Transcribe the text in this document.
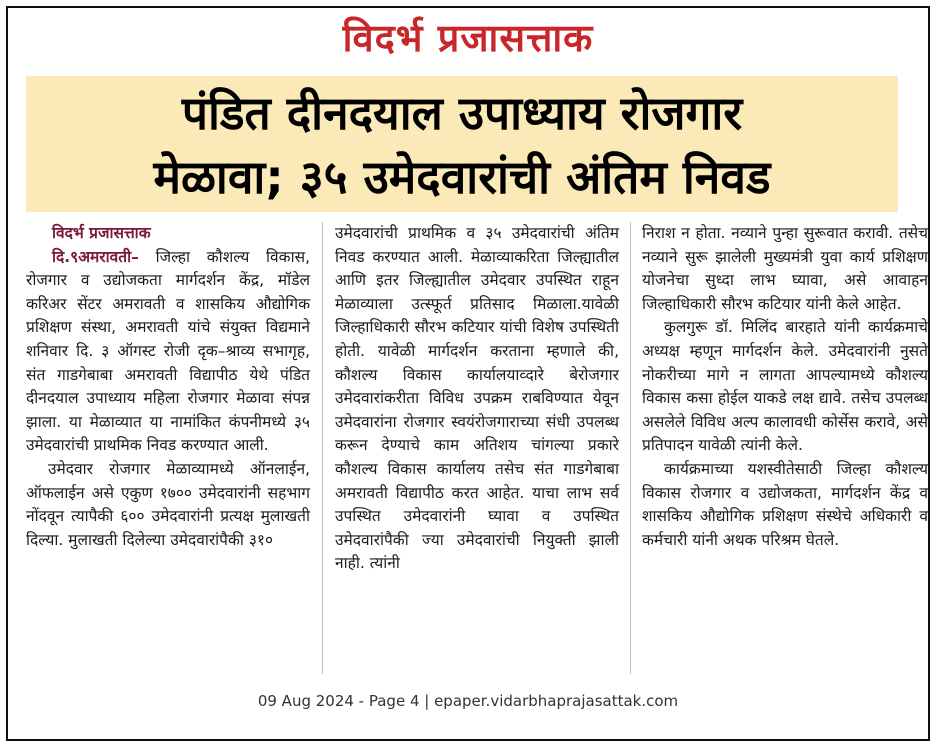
विदर्भ प्रजासत्ताक
पंडित दीनदयाल उपाध्याय रोजगार
मेळावा; ३५ उमेदवारांची अंतिम निवड
विदर्भ प्रजासत्ताक

दि.९अमरावती– जिल्हा कौशल्य विकास, रोजगार व उद्योजकता मार्गदर्शन केंद्र, मॉडेल करिअर सेंटर अमरावती व शासकिय औद्योगिक प्रशिक्षण संस्था, अमरावती यांचे संयुक्त विद्यमाने शनिवार दि. ३ ऑगस्ट रोजी दृक–श्राव्य सभागृह, संत गाडगेबाबा अमरावती विद्यापीठ येथे पंडित दीनदयाल उपाध्याय महिला रोजगार मेळावा संपन्न झाला. या मेळाव्यात या नामांकित कंपनीमध्ये ३५ उमेदवारांची प्राथमिक निवड करण्यात आली.

उमेदवार रोजगार मेळाव्यामध्ये ऑनलाईन, ऑफलाईन असे एकुण १७०० उमेदवारांनी सहभाग नोंदवून त्यापैकी ६०० उमेदवारांनी प्रत्यक्ष मुलाखती दिल्या. मुलाखती दिलेल्या उमेदवारांपैकी ३१०

उमेदवारांची प्राथमिक व ३५ उमेदवारांची अंतिम निवड करण्यात आली. मेळाव्याकरिता जिल्ह्यातील आणि इतर जिल्ह्यातील उमेदवार उपस्थित राहून मेळाव्याला उत्स्फूर्त प्रतिसाद मिळाला.यावेळी जिल्हाधिकारी सौरभ कटियार यांची विशेष उपस्थिती होती. यावेळी मार्गदर्शन करताना म्हणाले की, कौशल्य विकास कार्यालयाव्दारे बेरोजगार उमेदवारांकरीता विविध उपक्रम राबविण्यात येवून उमेदवारांना रोजगार स्वयंरोजगाराच्या संधी उपलब्ध करून देण्याचे काम अतिशय चांगल्या प्रकारे कौशल्य विकास कार्यालय तसेच संत गाडगेबाबा अमरावती विद्यापीठ करत आहेत. याचा लाभ सर्व उपस्थित उमेदवारांनी घ्यावा व उपस्थित उमेदवारांपैकी ज्या उमेदवारांची नियुक्ती झाली नाही. त्यांनी

निराश न होता. नव्याने पुन्हा सुरूवात करावी. तसेच नव्याने सुरू झालेली मुख्यमंत्री युवा कार्य प्रशिक्षण योजनेचा सुध्दा लाभ घ्यावा, असे आवाहन जिल्हाधिकारी सौरभ कटियार यांनी केले आहेत.

कुलगुरू डॉ. मिलिंद बारहाते यांनी कार्यक्रमाचे अध्यक्ष म्हणून मार्गदर्शन केले. उमेदवारांनी नुसते नोकरीच्या मागे न लागता आपल्यामध्ये कौशल्य विकास कसा होईल याकडे लक्ष द्यावे. तसेच उपलब्ध असलेले विविध अल्प कालावधी कोर्सेस करावे, असे प्रतिपादन यावेळी त्यांनी केले.

कार्यक्रमाच्या यशस्वीतेसाठी जिल्हा कौशल्य विकास रोजगार व उद्योजकता, मार्गदर्शन केंद्र व शासकिय औद्योगिक प्रशिक्षण संस्थेचे अधिकारी व कर्मचारी यांनी अथक परिश्रम घेतले.

09 Aug 2024 - Page 4 | epaper.vidarbhaprajasattak.com
